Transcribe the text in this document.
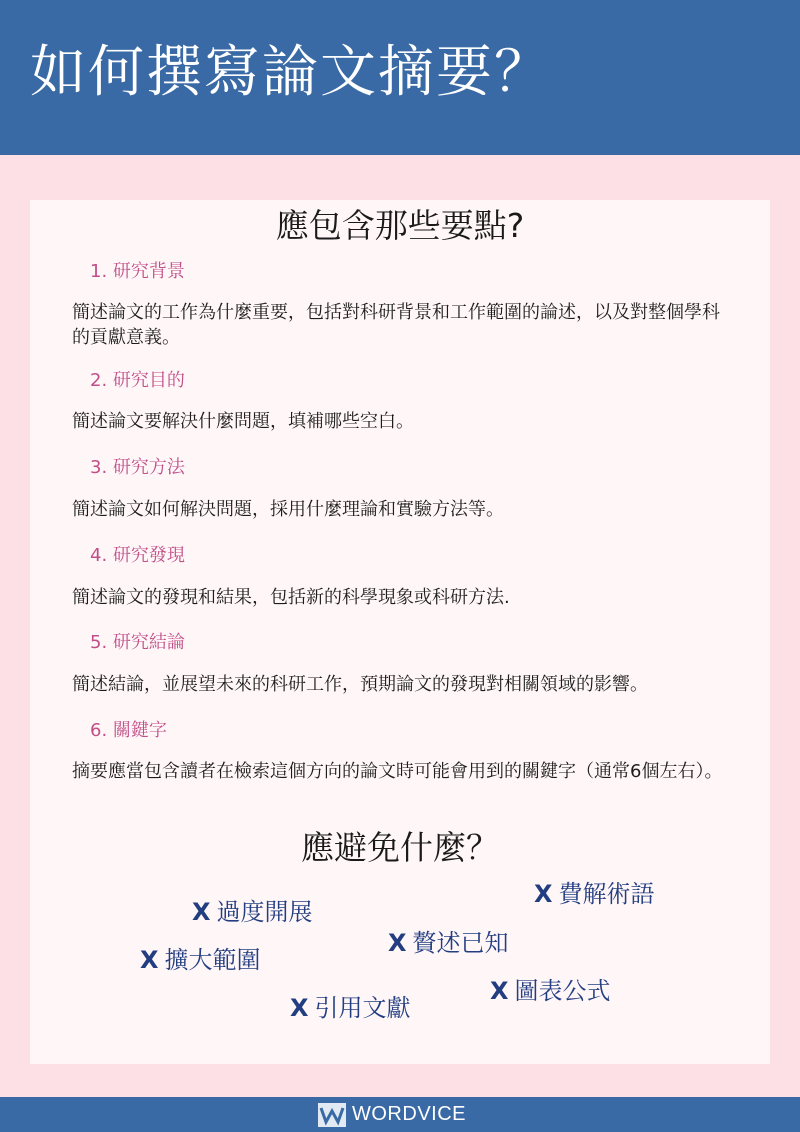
如何撰寫論文摘要？
應包含那些要點?
1. 研究背景
簡述論文的工作為什麼重要，包括對科研背景和工作範圍的論述，以及對整個學科的貢獻意義。
2. 研究目的
簡述論文要解決什麼問題，填補哪些空白。
3. 研究方法
簡述論文如何解決問題，採用什麼理論和實驗方法等。
4. 研究發現
簡述論文的發現和結果，包括新的科學現象或科研方法.
5. 研究結論
簡述結論，並展望未來的科研工作，預期論文的發現對相關領域的影響。
6. 關鍵字
摘要應當包含讀者在檢索這個方向的論文時可能會用到的關鍵字（通常6個左右）。
應避免什麼？
X 費解術語
X 過度開展
X 贅述已知
X 擴大範圍
X 圖表公式
X 引用文獻
WORDVICE
